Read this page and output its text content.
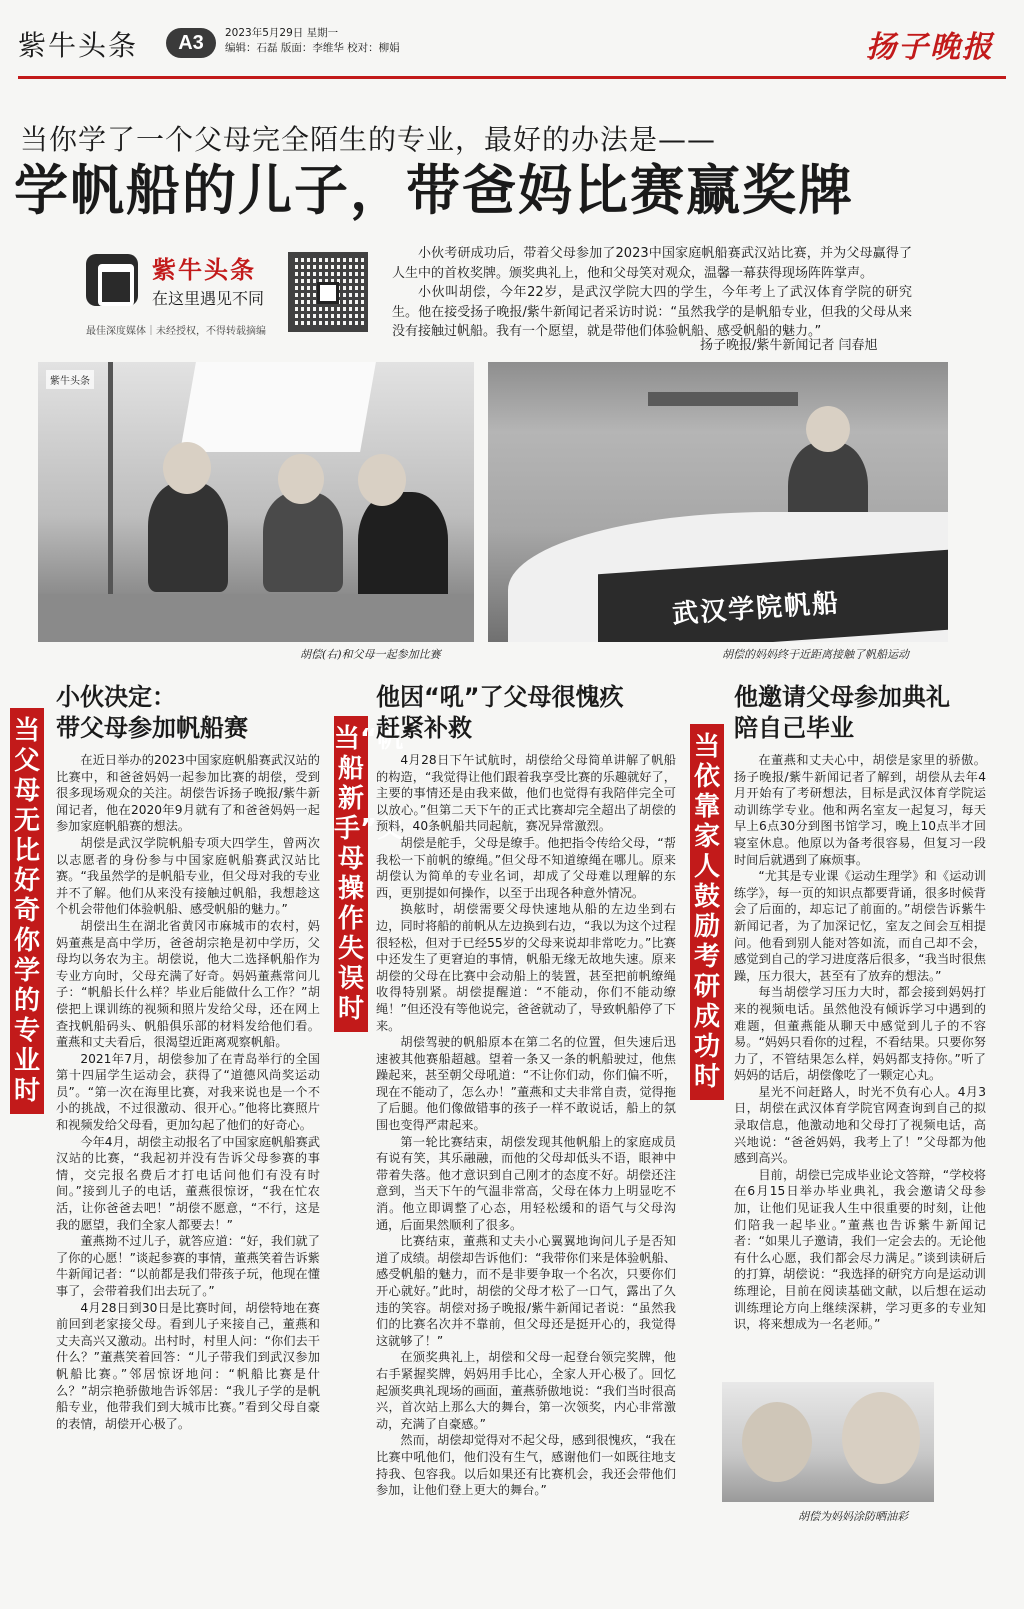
紫牛头条	A3	2023年5月29日 星期一
编辑：石磊 版面：李维华 校对：柳娟	扬子晚报
当你学了一个父母完全陌生的专业，最好的办法是——
学帆船的儿子，带爸妈比赛赢奖牌
紫牛头条
在这里遇见不同
最佳深度媒体｜未经授权，不得转载摘编

小伙考研成功后，带着父母参加了2023中国家庭帆船赛武汉站比赛，并为父母赢得了人生中的首枚奖牌。颁奖典礼上，他和父母笑对观众，温馨一幕获得现场阵阵掌声。

小伙叫胡偿，今年22岁，是武汉学院大四的学生，今年考上了武汉体育学院的研究生。他在接受扬子晚报/紫牛新闻记者采访时说：“虽然我学的是帆船专业，但我的父母从来没有接触过帆船。我有一个愿望，就是带他们体验帆船、感受帆船的魅力。”

扬子晚报/紫牛新闻记者 闫春旭
紫牛头条
胡偿(右)和父母一起参加比赛
武汉学院帆船
胡偿的妈妈终于近距离接触了帆船运动
当父母无比好奇你学的专业时
小伙决定：
带父母参加帆船赛

在近日举办的2023中国家庭帆船赛武汉站的比赛中，和爸爸妈妈一起参加比赛的胡偿，受到很多现场观众的关注。胡偿告诉扬子晚报/紫牛新闻记者，他在2020年9月就有了和爸爸妈妈一起参加家庭帆船赛的想法。

胡偿是武汉学院帆船专项大四学生，曾两次以志愿者的身份参与中国家庭帆船赛武汉站比赛。“我虽然学的是帆船专业，但父母对我的专业并不了解。他们从来没有接触过帆船，我想趁这个机会带他们体验帆船、感受帆船的魅力。”

胡偿出生在湖北省黄冈市麻城市的农村，妈妈董燕是高中学历，爸爸胡宗艳是初中学历，父母均以务农为主。胡偿说，他大二选择帆船作为专业方向时，父母充满了好奇。妈妈董燕常问儿子：“帆船长什么样？毕业后能做什么工作？”胡偿把上课训练的视频和照片发给父母，还在网上查找帆船码头、帆船俱乐部的材料发给他们看。董燕和丈夫看后，很渴望近距离观察帆船。

2021年7月，胡偿参加了在青岛举行的全国第十四届学生运动会，获得了“道德风尚奖运动员”。“第一次在海里比赛，对我来说也是一个不小的挑战，不过很激动、很开心。”他将比赛照片和视频发给父母看，更加勾起了他们的好奇心。

今年4月，胡偿主动报名了中国家庭帆船赛武汉站的比赛，“我起初并没有告诉父母参赛的事情，交完报名费后才打电话问他们有没有时间。”接到儿子的电话，董燕很惊讶，“我在忙农活，让你爸爸去吧！”胡偿不愿意，“不行，这是我的愿望，我们全家人都要去！”

董燕拗不过儿子，就答应道：“好，我们就了了你的心愿！”谈起参赛的事情，董燕笑着告诉紫牛新闻记者：“以前都是我们带孩子玩，他现在懂事了，会带着我们出去玩了。”

4月28日到30日是比赛时间，胡偿特地在赛前回到老家接父母。看到儿子来接自己，董燕和丈夫高兴又激动。出村时，村里人问：“你们去干什么？”董燕笑着回答：“儿子带我们到武汉参加帆船比赛。”邻居惊讶地问：“帆船比赛是什么？”胡宗艳骄傲地告诉邻居：“我儿子学的是帆船专业，他带我们到大城市比赛。”看到父母自豪的表情，胡偿开心极了。

当“帆船新手”父母操作失误时
他因“吼”了父母很愧疚
赶紧补救

4月28日下午试航时，胡偿给父母简单讲解了帆船的构造，“我觉得让他们跟着我享受比赛的乐趣就好了，主要的事情还是由我来做，他们也觉得有我陪伴完全可以放心。”但第二天下午的正式比赛却完全超出了胡偿的预料，40条帆船共同起航，赛况异常激烈。

胡偿是舵手，父母是缭手。他把指令传给父母，“帮我松一下前帆的缭绳。”但父母不知道缭绳在哪儿。原来胡偿认为简单的专业名词，却成了父母难以理解的东西，更别提如何操作，以至于出现各种意外情况。

换舷时，胡偿需要父母快速地从船的左边坐到右边，同时将船的前帆从左边换到右边，“我以为这个过程很轻松，但对于已经55岁的父母来说却非常吃力。”比赛中还发生了更窘迫的事情，帆船无缘无故地失速。原来胡偿的父母在比赛中会动船上的装置，甚至把前帆缭绳收得特别紧。胡偿提醒道：“不能动，你们不能动缭绳！”但还没有等他说完，爸爸就动了，导致帆船停了下来。

胡偿驾驶的帆船原本在第二名的位置，但失速后迅速被其他赛船超越。望着一条又一条的帆船驶过，他焦躁起来，甚至朝父母吼道：“不让你们动，你们偏不听，现在不能动了，怎么办！”董燕和丈夫非常自责，觉得拖了后腿。他们像做错事的孩子一样不敢说话，船上的氛围也变得严肃起来。

第一轮比赛结束，胡偿发现其他帆船上的家庭成员有说有笑，其乐融融，而他的父母却低头不语，眼神中带着失落。他才意识到自己刚才的态度不好。胡偿还注意到，当天下午的气温非常高，父母在体力上明显吃不消。他立即调整了心态，用轻松缓和的语气与父母沟通，后面果然顺利了很多。

比赛结束，董燕和丈夫小心翼翼地询问儿子是否知道了成绩。胡偿却告诉他们：“我带你们来是体验帆船、感受帆船的魅力，而不是非要争取一个名次，只要你们开心就好。”此时，胡偿的父母才松了一口气，露出了久违的笑容。胡偿对扬子晚报/紫牛新闻记者说：“虽然我们的比赛名次并不靠前，但父母还是挺开心的，我觉得这就够了！”

在颁奖典礼上，胡偿和父母一起登台领完奖牌，他右手紧握奖牌，妈妈用手比心，全家人开心极了。回忆起颁奖典礼现场的画面，董燕骄傲地说：“我们当时很高兴，首次站上那么大的舞台，第一次领奖，内心非常激动，充满了自豪感。”

然而，胡偿却觉得对不起父母，感到很愧疚，“我在比赛中吼他们，他们没有生气，感谢他们一如既往地支持我、包容我。以后如果还有比赛机会，我还会带他们参加，让他们登上更大的舞台。”

当依靠家人鼓励考研成功时
他邀请父母参加典礼
陪自己毕业

在董燕和丈夫心中，胡偿是家里的骄傲。扬子晚报/紫牛新闻记者了解到，胡偿从去年4月开始有了考研想法，目标是武汉体育学院运动训练学专业。他和两名室友一起复习，每天早上6点30分到图书馆学习，晚上10点半才回寝室休息。他原以为备考很容易，但复习一段时间后就遇到了麻烦事。

“尤其是专业课《运动生理学》和《运动训练学》，每一页的知识点都要背诵，很多时候背会了后面的，却忘记了前面的。”胡偿告诉紫牛新闻记者，为了加深记忆，室友之间会互相提问。他看到别人能对答如流，而自己却不会，感觉到自己的学习进度落后很多，“我当时很焦躁，压力很大，甚至有了放弃的想法。”

每当胡偿学习压力大时，都会接到妈妈打来的视频电话。虽然他没有倾诉学习中遇到的难题，但董燕能从聊天中感觉到儿子的不容易。“妈妈只看你的过程，不看结果。只要你努力了，不管结果怎么样，妈妈都支持你。”听了妈妈的话后，胡偿像吃了一颗定心丸。

星光不问赶路人，时光不负有心人。4月3日，胡偿在武汉体育学院官网查询到自己的拟录取信息，他激动地和父母打了视频电话，高兴地说：“爸爸妈妈，我考上了！”父母都为他感到高兴。

目前，胡偿已完成毕业论文答辩，“学校将在6月15日举办毕业典礼，我会邀请父母参加，让他们见证我人生中很重要的时刻，让他们陪我一起毕业。”董燕也告诉紫牛新闻记者：“如果儿子邀请，我们一定会去的。无论他有什么心愿，我们都会尽力满足。”谈到读研后的打算，胡偿说：“我选择的研究方向是运动训练理论，目前在阅读基础文献，以后想在运动训练理论方向上继续深耕，学习更多的专业知识，将来想成为一名老师。”

胡偿为妈妈涂防晒油彩
